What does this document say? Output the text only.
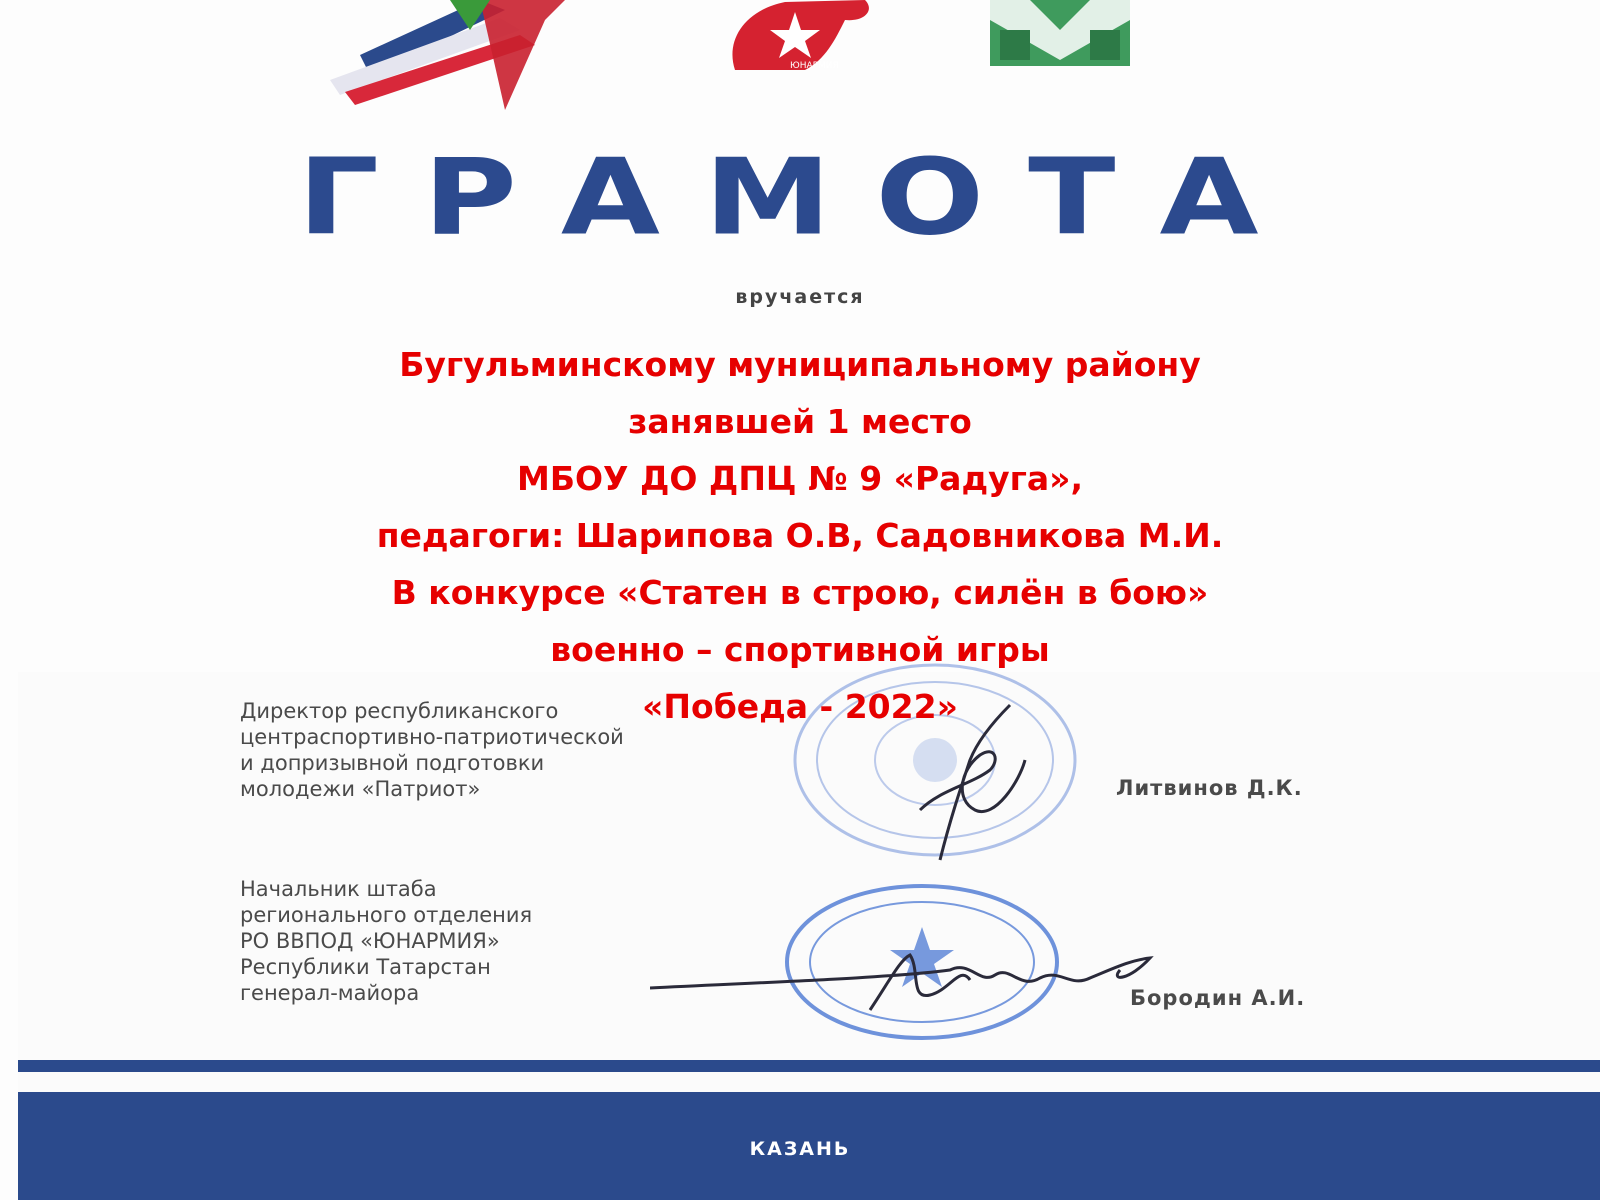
ЮНАРМИЯ
ГРАМОТА
вручается
Бугульминскому муниципальному району
занявшей 1 место
МБОУ ДО ДПЦ № 9 «Радуга»,
педагоги: Шарипова О.В, Садовникова М.И.
В конкурсе «Статен в строю, силён в бою»
военно – спортивной игры
«Победа - 2022»
Директор республиканского
центраспортивно-патриотической
и допризывной подготовки
молодежи «Патриот»	Литвинов Д.К.
Начальник штаба
регионального отделения
РО ВВПОД «ЮНАРМИЯ»
Республики Татарстан
генерал-майора	Бородин А.И.
КАЗАНЬ
